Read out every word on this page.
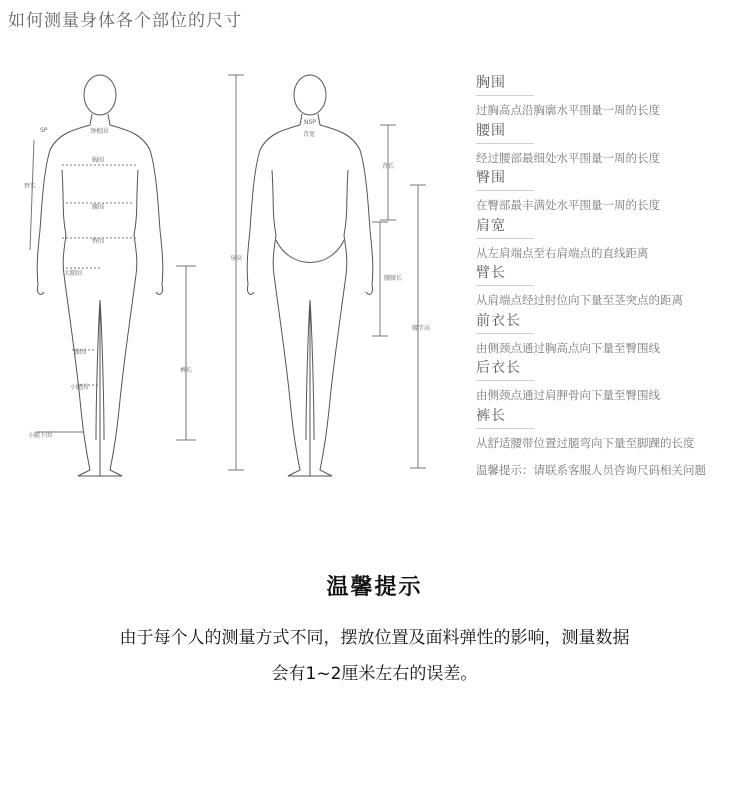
如何测量身体各个部位的尺寸
SP	颈根围
臂长
胸围
腰围
臀围
大腿围
膝围
小腿围
小腿下围
裤长
NSP
背宽
背长
身高
腰膝长
腰节高
胸围
过胸高点沿胸廓水平围量一周的长度
腰围
经过腰部最细处水平围量一周的长度
臀围
在臀部最丰满处水平围量一周的长度
肩宽
从左肩端点至右肩端点的直线距离
臂长
从肩端点经过肘位向下量至茎突点的距离
前衣长
由侧颈点通过胸高点向下量至臀围线
后衣长
由侧颈点通过肩胛骨向下量至臀围线
裤长
从舒适腰带位置过腿弯向下量至脚踝的长度
温馨提示：请联系客服人员咨询尺码相关问题
温馨提示
由于每个人的测量方式不同，摆放位置及面料弹性的影响，测量数据
会有1~2厘米左右的误差。
